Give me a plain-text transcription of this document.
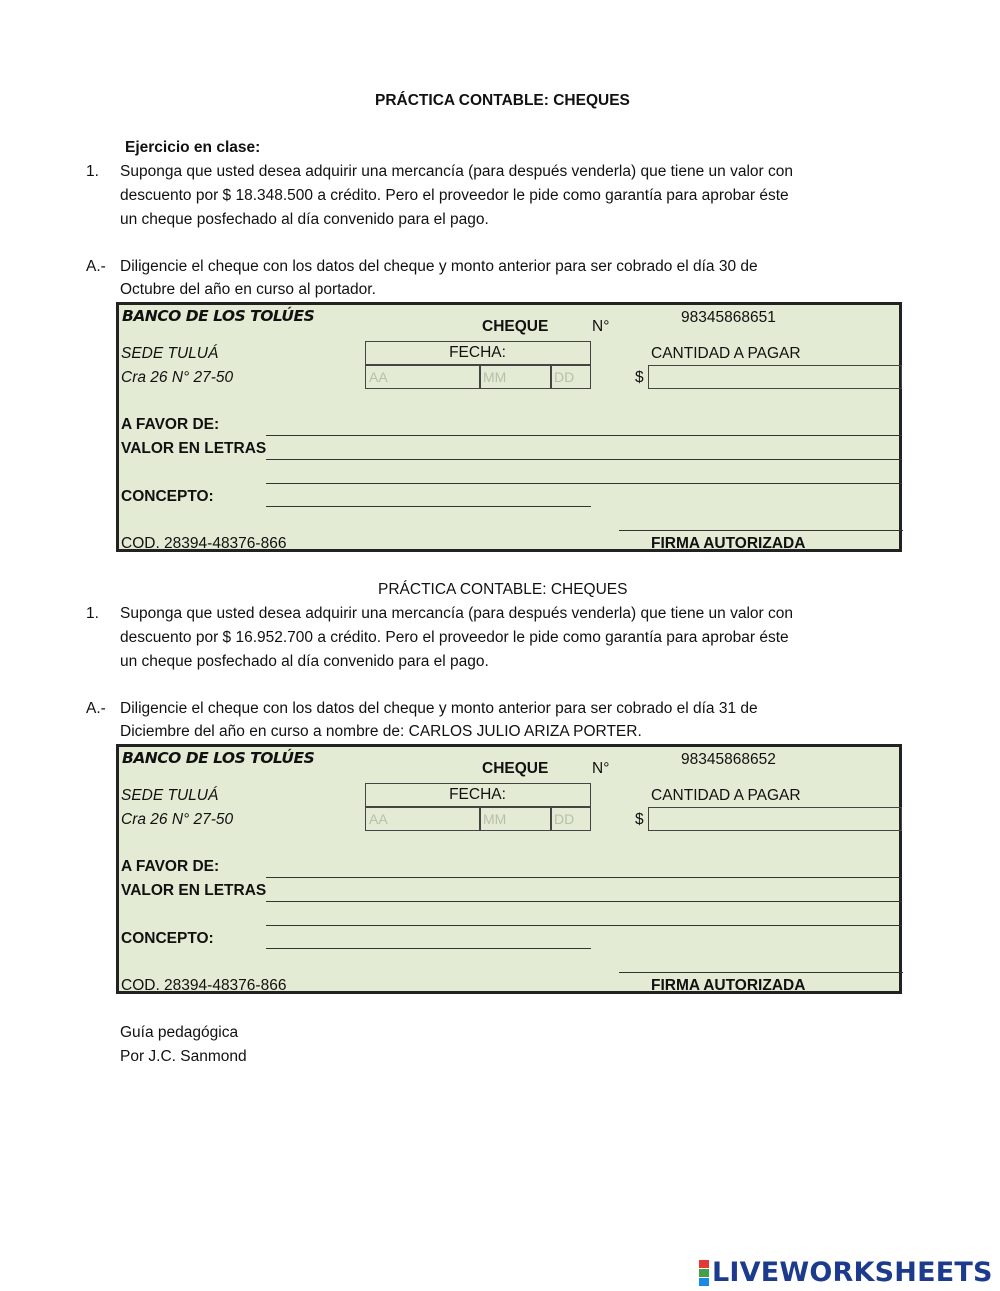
PRÁCTICA CONTABLE: CHEQUES
Ejercicio en clase:
1. Suponga que usted desea adquirir una mercancía (para después venderla) que tiene un valor con
descuento por $ 18.348.500 a crédito. Pero el proveedor le pide como garantía para aprobar éste
un cheque posfechado al día convenido para el pago.
A.- Diligencie el cheque con los datos del cheque y monto anterior para ser cobrado el día 30 de
Octubre del año en curso al portador.
BANCO DE LOS TOLÚES
CHEQUE	N°
98345868651
SEDE TULUÁ
Cra 26 N° 27-50
FECHA:
AA
MM
DD	CANTIDAD A PAGAR
$
A FAVOR DE:
VALOR EN LETRAS
CONCEPTO:
COD. 28394-48376-866	FIRMA AUTORIZADA
PRÁCTICA CONTABLE: CHEQUES
1. Suponga que usted desea adquirir una mercancía (para después venderla) que tiene un valor con
descuento por $ 16.952.700 a crédito. Pero el proveedor le pide como garantía para aprobar éste
un cheque posfechado al día convenido para el pago.
A.- Diligencie el cheque con los datos del cheque y monto anterior para ser cobrado el día 31 de
Diciembre del año en curso a nombre de: CARLOS JULIO ARIZA PORTER.
BANCO DE LOS TOLÚES
CHEQUE	N°
98345868652
SEDE TULUÁ
Cra 26 N° 27-50
FECHA:
AA
MM
DD	CANTIDAD A PAGAR
$
A FAVOR DE:
VALOR EN LETRAS
CONCEPTO:
COD. 28394-48376-866	FIRMA AUTORIZADA
Guía pedagógica
Por J.C. Sanmond
LIVEWORKSHEETS
